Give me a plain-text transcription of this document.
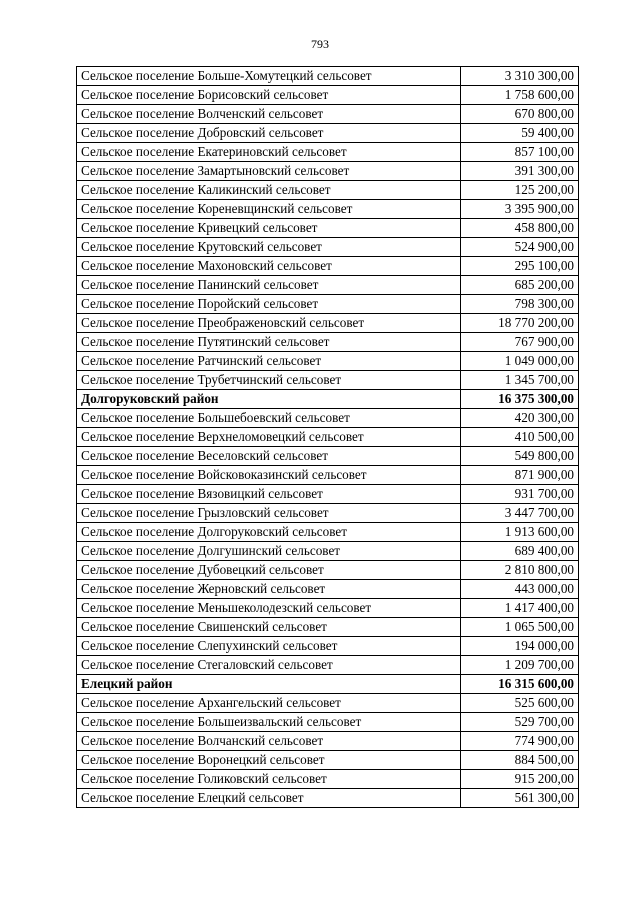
793
Сельское поселение Больше-Хомутецкий сельсовет	3 310 300,00
Сельское поселение Борисовский сельсовет	1 758 600,00
Сельское поселение Волченский сельсовет	670 800,00
Сельское поселение Добровский сельсовет	59 400,00
Сельское поселение Екатериновский сельсовет	857 100,00
Сельское поселение Замартыновский сельсовет	391 300,00
Сельское поселение Каликинский сельсовет	125 200,00
Сельское поселение Кореневщинский сельсовет	3 395 900,00
Сельское поселение Кривецкий сельсовет	458 800,00
Сельское поселение Крутовский сельсовет	524 900,00
Сельское поселение Махоновский сельсовет	295 100,00
Сельское поселение Панинский сельсовет	685 200,00
Сельское поселение Поройский сельсовет	798 300,00
Сельское поселение Преображеновский сельсовет	18 770 200,00
Сельское поселение Путятинский сельсовет	767 900,00
Сельское поселение Ратчинский сельсовет	1 049 000,00
Сельское поселение Трубетчинский сельсовет	1 345 700,00
Долгоруковский район	16 375 300,00
Сельское поселение Большебоевский сельсовет	420 300,00
Сельское поселение Верхнеломовецкий сельсовет	410 500,00
Сельское поселение Веселовский сельсовет	549 800,00
Сельское поселение Войсковоказинский сельсовет	871 900,00
Сельское поселение Вязовицкий сельсовет	931 700,00
Сельское поселение Грызловский сельсовет	3 447 700,00
Сельское поселение Долгоруковский сельсовет	1 913 600,00
Сельское поселение Долгушинский сельсовет	689 400,00
Сельское поселение Дубовецкий сельсовет	2 810 800,00
Сельское поселение Жерновский сельсовет	443 000,00
Сельское поселение Меньшеколодезский сельсовет	1 417 400,00
Сельское поселение Свишенский сельсовет	1 065 500,00
Сельское поселение Слепухинский сельсовет	194 000,00
Сельское поселение Стегаловский сельсовет	1 209 700,00
Елецкий район	16 315 600,00
Сельское поселение Архангельский сельсовет	525 600,00
Сельское поселение Большеизвальский сельсовет	529 700,00
Сельское поселение Волчанский сельсовет	774 900,00
Сельское поселение Воронецкий сельсовет	884 500,00
Сельское поселение Голиковский сельсовет	915 200,00
Сельское поселение Елецкий сельсовет	561 300,00
